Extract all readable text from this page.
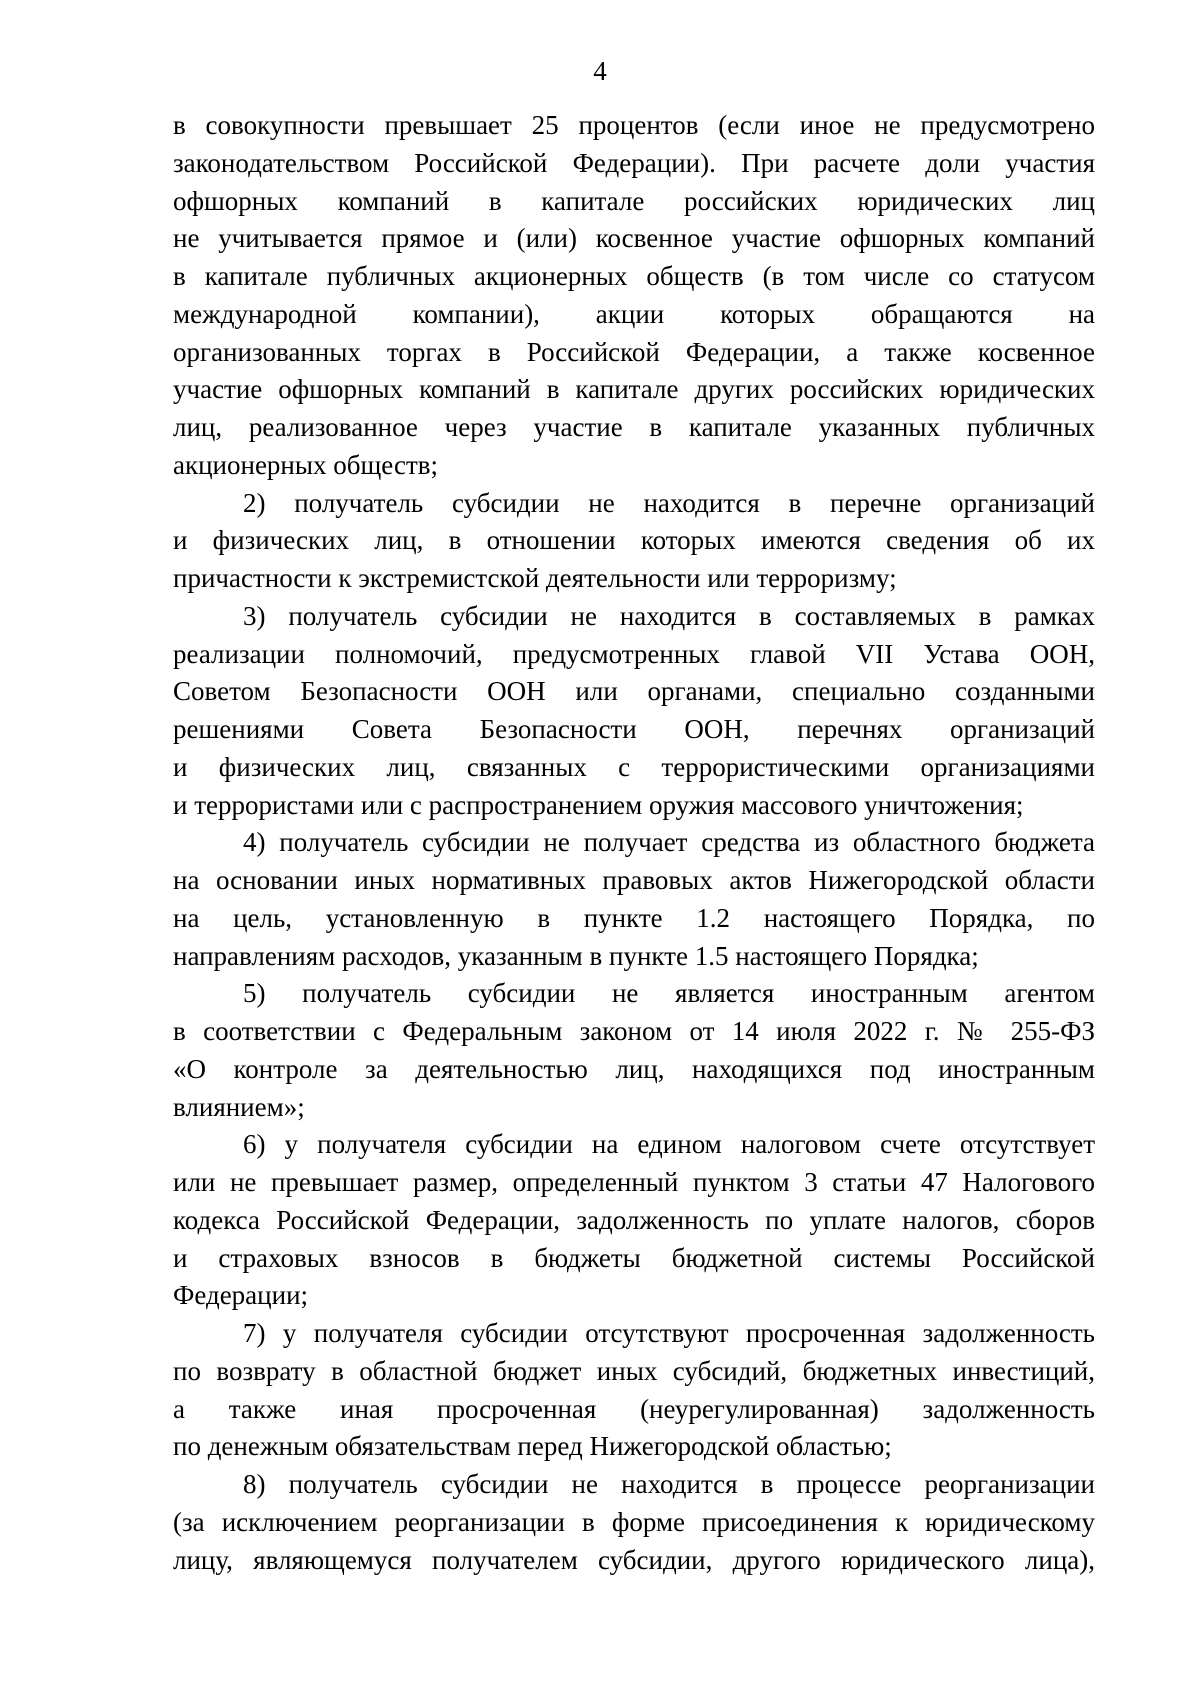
4
в совокупности превышает 25 процентов (если иное не предусмотрено
законодательством Российской Федерации). При расчете доли участия
офшорных компаний в капитале российских юридических лиц
не учитывается прямое и (или) косвенное участие офшорных компаний
в капитале публичных акционерных обществ (в том числе со статусом
международной компании), акции которых обращаются на
организованных торгах в Российской Федерации, а также косвенное
участие офшорных компаний в капитале других российских юридических
лиц, реализованное через участие в капитале указанных публичных
акционерных обществ;
2) получатель субсидии не находится в перечне организаций
и физических лиц, в отношении которых имеются сведения об их
причастности к экстремистской деятельности или терроризму;
3) получатель субсидии не находится в составляемых в рамках
реализации полномочий, предусмотренных главой VII Устава ООН,
Советом Безопасности ООН или органами, специально созданными
решениями Совета Безопасности ООН, перечнях организаций
и физических лиц, связанных с террористическими организациями
и террористами или с распространением оружия массового уничтожения;
4) получатель субсидии не получает средства из областного бюджета
на основании иных нормативных правовых актов Нижегородской области
на цель, установленную в пункте 1.2 настоящего Порядка, по
направлениям расходов, указанным в пункте 1.5 настоящего Порядка;
5) получатель субсидии не является иностранным агентом
в соответствии с Федеральным законом от 14 июля 2022 г. № 255-ФЗ
«О контроле за деятельностью лиц, находящихся под иностранным
влиянием»;
6) у получателя субсидии на едином налоговом счете отсутствует
или не превышает размер, определенный пунктом 3 статьи 47 Налогового
кодекса Российской Федерации, задолженность по уплате налогов, сборов
и страховых взносов в бюджеты бюджетной системы Российской
Федерации;
7) у получателя субсидии отсутствуют просроченная задолженность
по возврату в областной бюджет иных субсидий, бюджетных инвестиций,
а также иная просроченная (неурегулированная) задолженность
по денежным обязательствам перед Нижегородской областью;
8) получатель субсидии не находится в процессе реорганизации
(за исключением реорганизации в форме присоединения к юридическому
лицу, являющемуся получателем субсидии, другого юридического лица),
